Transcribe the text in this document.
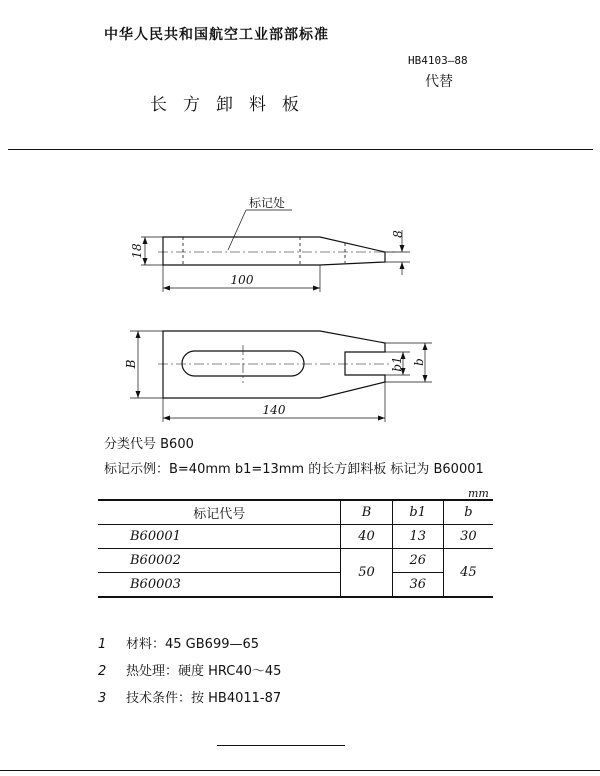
中华人民共和国航空工业部部标准
HB4103—88
代替
长方卸料板
标记处
18
8
100
B	b1 b
140
分类代号 B600
标记示例：B=40mm b1=13mm 的长方卸料板 标记为 B60001
mm
标记代号	B	b1	b
B60001	40	13	30
B60002	50	26	45
B60003		36	
1 材料：45 GB699—65
2 热处理：硬度 HRC40～45
3 技术条件：按 HB4011-87
